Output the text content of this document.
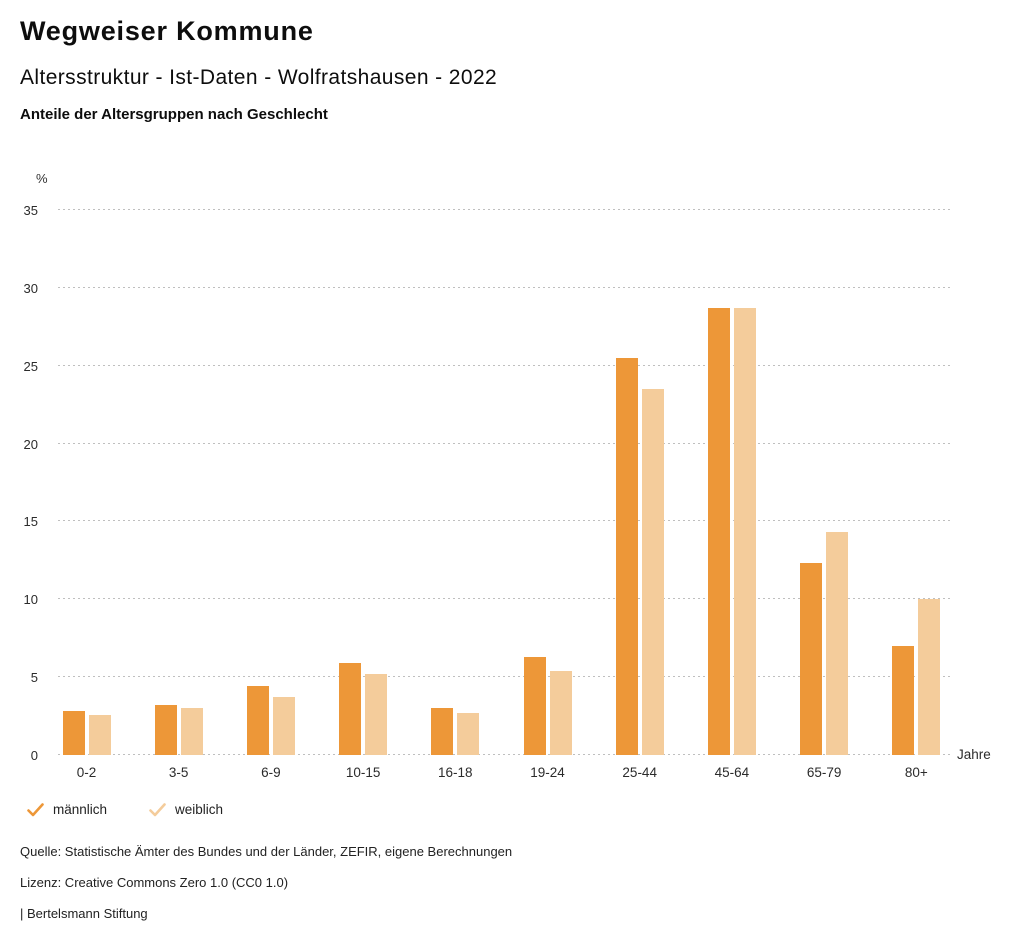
Wegweiser Kommune
Altersstruktur - Ist-Daten - Wolfratshausen - 2022
Anteile der Altersgruppen nach Geschlecht
%
0
5
10
15
20
25
30
35
0-2	3-5	6-9	10-15	16-18	19-24	25-44	45-64	65-79	80+
Jahre
männlich	weiblich

Quelle: Statistische Ämter des Bundes und der Länder, ZEFIR, eigene Berechnungen

Lizenz: Creative Commons Zero 1.0 (CC0 1.0)

| Bertelsmann Stiftung
